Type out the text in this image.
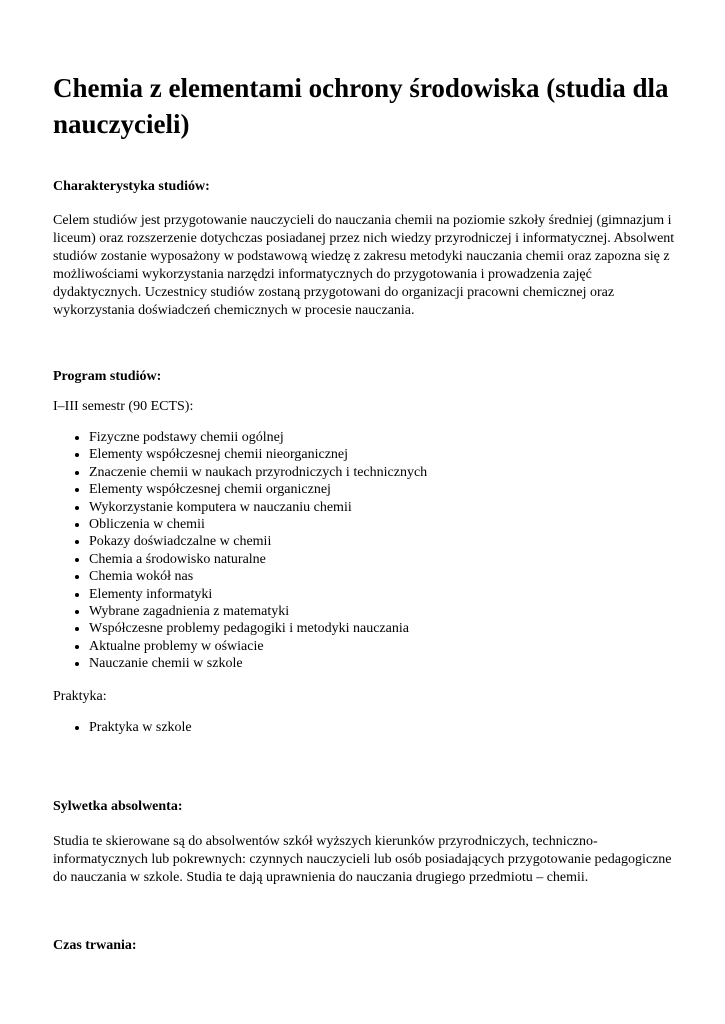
Chemia z elementami ochrony środowiska (studia dla nauczycieli)

Charakterystyka studiów:

Celem studiów jest przygotowanie nauczycieli do nauczania chemii na poziomie szkoły średniej (gimnazjum i liceum) oraz rozszerzenie dotychczas posiadanej przez nich wiedzy przyrodniczej i informatycznej. Absolwent studiów zostanie wyposażony w podstawową wiedzę z zakresu metodyki nauczania chemii oraz zapozna się z możliwościami wykorzystania narzędzi informatycznych do przygotowania i prowadzenia zajęć dydaktycznych. Uczestnicy studiów zostaną przygotowani do organizacji pracowni chemicznej oraz wykorzystania doświadczeń chemicznych w procesie nauczania.

Program studiów:

I–III semestr (90 ECTS):

• Fizyczne podstawy chemii ogólnej
• Elementy współczesnej chemii nieorganicznej
• Znaczenie chemii w naukach przyrodniczych i technicznych
• Elementy współczesnej chemii organicznej
• Wykorzystanie komputera w nauczaniu chemii
• Obliczenia w chemii
• Pokazy doświadczalne w chemii
• Chemia a środowisko naturalne
• Chemia wokół nas
• Elementy informatyki
• Wybrane zagadnienia z matematyki
• Współczesne problemy pedagogiki i metodyki nauczania
• Aktualne problemy w oświacie
• Nauczanie chemii w szkole

Praktyka:

• Praktyka w szkole

Sylwetka absolwenta:

Studia te skierowane są do absolwentów szkół wyższych kierunków przyrodniczych, techniczno-informatycznych lub pokrewnych: czynnych nauczycieli lub osób posiadających przygotowanie pedagogiczne do nauczania w szkole. Studia te dają uprawnienia do nauczania drugiego przedmiotu – chemii.

Czas trwania:
